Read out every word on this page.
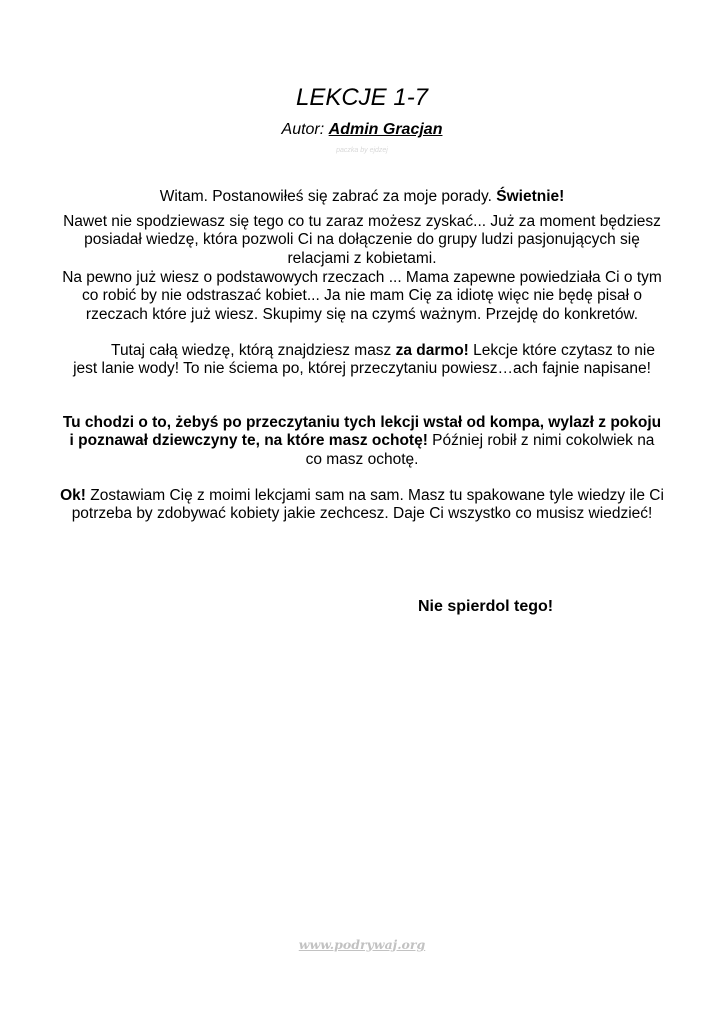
LEKCJE 1-7
Autor: Admin Gracjan
paczka by ejdzej
Witam. Postanowiłeś się zabrać za moje porady. Świetnie!
Nawet nie spodziewasz się tego co tu zaraz możesz zyskać... Już za moment będziesz posiadał wiedzę, która pozwoli Ci na dołączenie do grupy ludzi pasjonujących się relacjami z kobietami.
Na pewno już wiesz o podstawowych rzeczach ... Mama zapewne powiedziała Ci o tym co robić by nie odstraszać kobiet... Ja nie mam Cię za idiotę więc nie będę pisał o rzeczach które już wiesz. Skupimy się na czymś ważnym. Przejdę do konkretów.
Tutaj całą wiedzę, którą znajdziesz masz za darmo! Lekcje które czytasz to nie jest lanie wody! To nie ściema po, której przeczytaniu powiesz…ach fajnie napisane!
Tu chodzi o to, żebyś po przeczytaniu tych lekcji wstał od kompa, wylazł z pokoju i poznawał dziewczyny te, na które masz ochotę! Później robił z nimi cokolwiek na co masz ochotę.
Ok! Zostawiam Cię z moimi lekcjami sam na sam. Masz tu spakowane tyle wiedzy ile Ci potrzeba by zdobywać kobiety jakie zechcesz. Daje Ci wszystko co musisz wiedzieć!
Nie spierdol tego!
www.podrywaj.org
